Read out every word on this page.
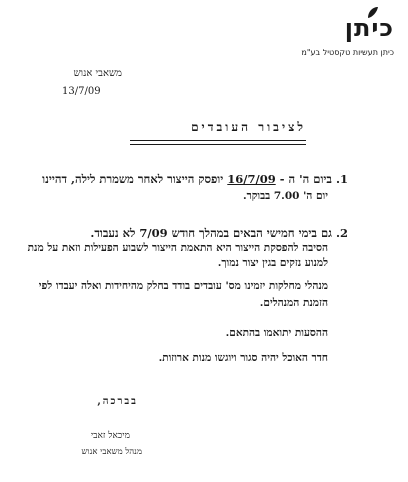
כיתן
כיתן תעשיות טקסטיל בע"מ
משאבי אנוש
13/7/09
לציבור העובדים
1. ביום ה' ה - 16/7/09 יופסק הייצור לאחר משמרת לילה, דהיינו
יום ה' 7.00 בבוקר.
2. גם בימי חמישי הבאים במהלך חודש 7/09 לא נעבוד.
הסיבה להפסקת הייצור היא התאמת הייצור לשבוע הפעילות וזאת על מנת
למנוע נזקים בגין יצור נמוך.
מנהלי מחלקות יזמינו מס' עובדים בודד בחלק מהיחידות ואלה יעבדו לפי
הזמנת המנהלים.
ההסעות יתואמו בהתאם.
חדר האוכל יהיה סגור ויוגשו מנות ארוזות.
בברכה,
מיכאל זאבי
מנהל משאבי אנוש
